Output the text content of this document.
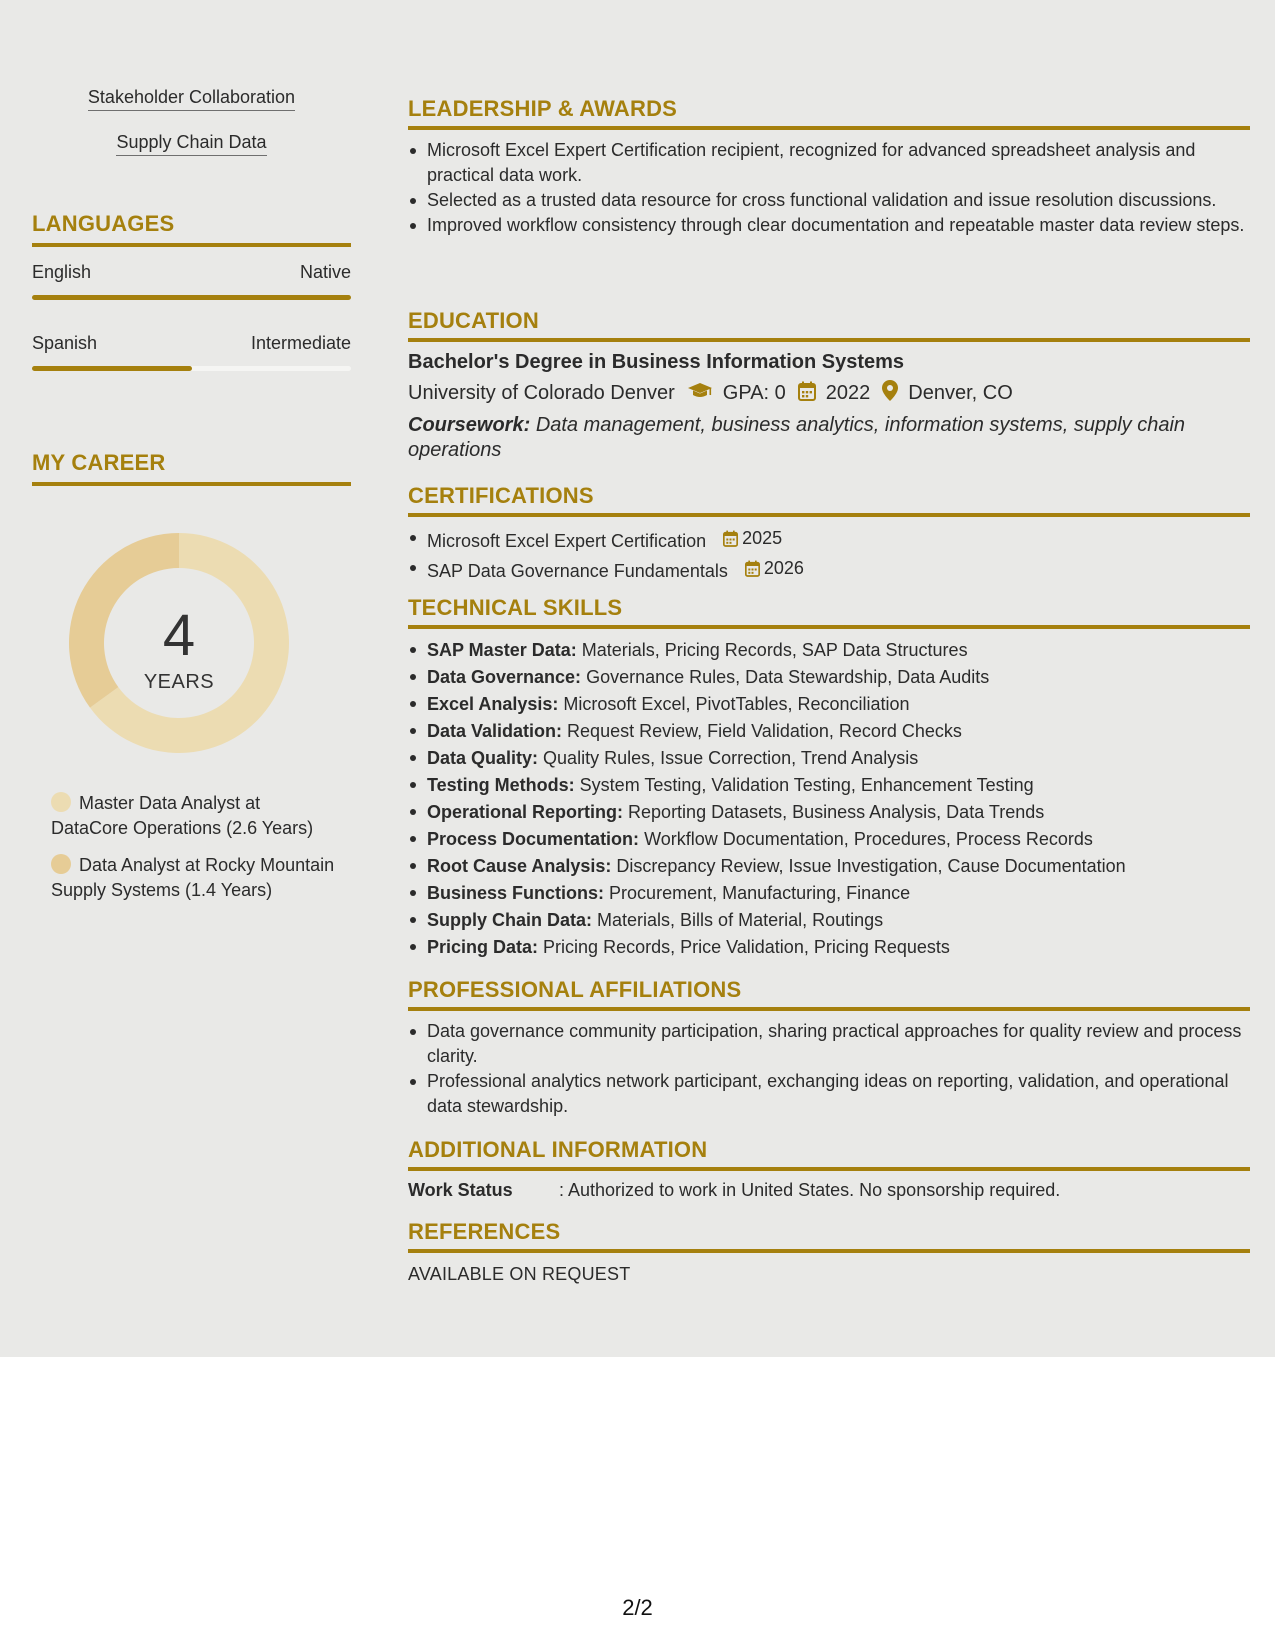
Stakeholder Collaboration
Supply Chain Data
LANGUAGES
English	Native
Spanish	Intermediate
MY CAREER
4
YEARS
Master Data Analyst at DataCore Operations (2.6 Years)
Data Analyst at Rocky Mountain Supply Systems (1.4 Years)
LEADERSHIP & AWARDS
Microsoft Excel Expert Certification recipient, recognized for advanced spreadsheet analysis and practical data work.
Selected as a trusted data resource for cross functional validation and issue resolution discussions.
Improved workflow consistency through clear documentation and repeatable master data review steps.
EDUCATION
Bachelor's Degree in Business Information Systems
University of Colorado Denver GPA: 0 2022 Denver, CO
Coursework: Data management, business analytics, information systems, supply chain operations
CERTIFICATIONS
Microsoft Excel Expert Certification 2025
SAP Data Governance Fundamentals 2026
TECHNICAL SKILLS
SAP Master Data: Materials, Pricing Records, SAP Data Structures
Data Governance: Governance Rules, Data Stewardship, Data Audits
Excel Analysis: Microsoft Excel, PivotTables, Reconciliation
Data Validation: Request Review, Field Validation, Record Checks
Data Quality: Quality Rules, Issue Correction, Trend Analysis
Testing Methods: System Testing, Validation Testing, Enhancement Testing
Operational Reporting: Reporting Datasets, Business Analysis, Data Trends
Process Documentation: Workflow Documentation, Procedures, Process Records
Root Cause Analysis: Discrepancy Review, Issue Investigation, Cause Documentation
Business Functions: Procurement, Manufacturing, Finance
Supply Chain Data: Materials, Bills of Material, Routings
Pricing Data: Pricing Records, Price Validation, Pricing Requests
PROFESSIONAL AFFILIATIONS
Data governance community participation, sharing practical approaches for quality review and process clarity.
Professional analytics network participant, exchanging ideas on reporting, validation, and operational data stewardship.
ADDITIONAL INFORMATION
Work Status	: Authorized to work in United States. No sponsorship required.
REFERENCES
AVAILABLE ON REQUEST
2/2
